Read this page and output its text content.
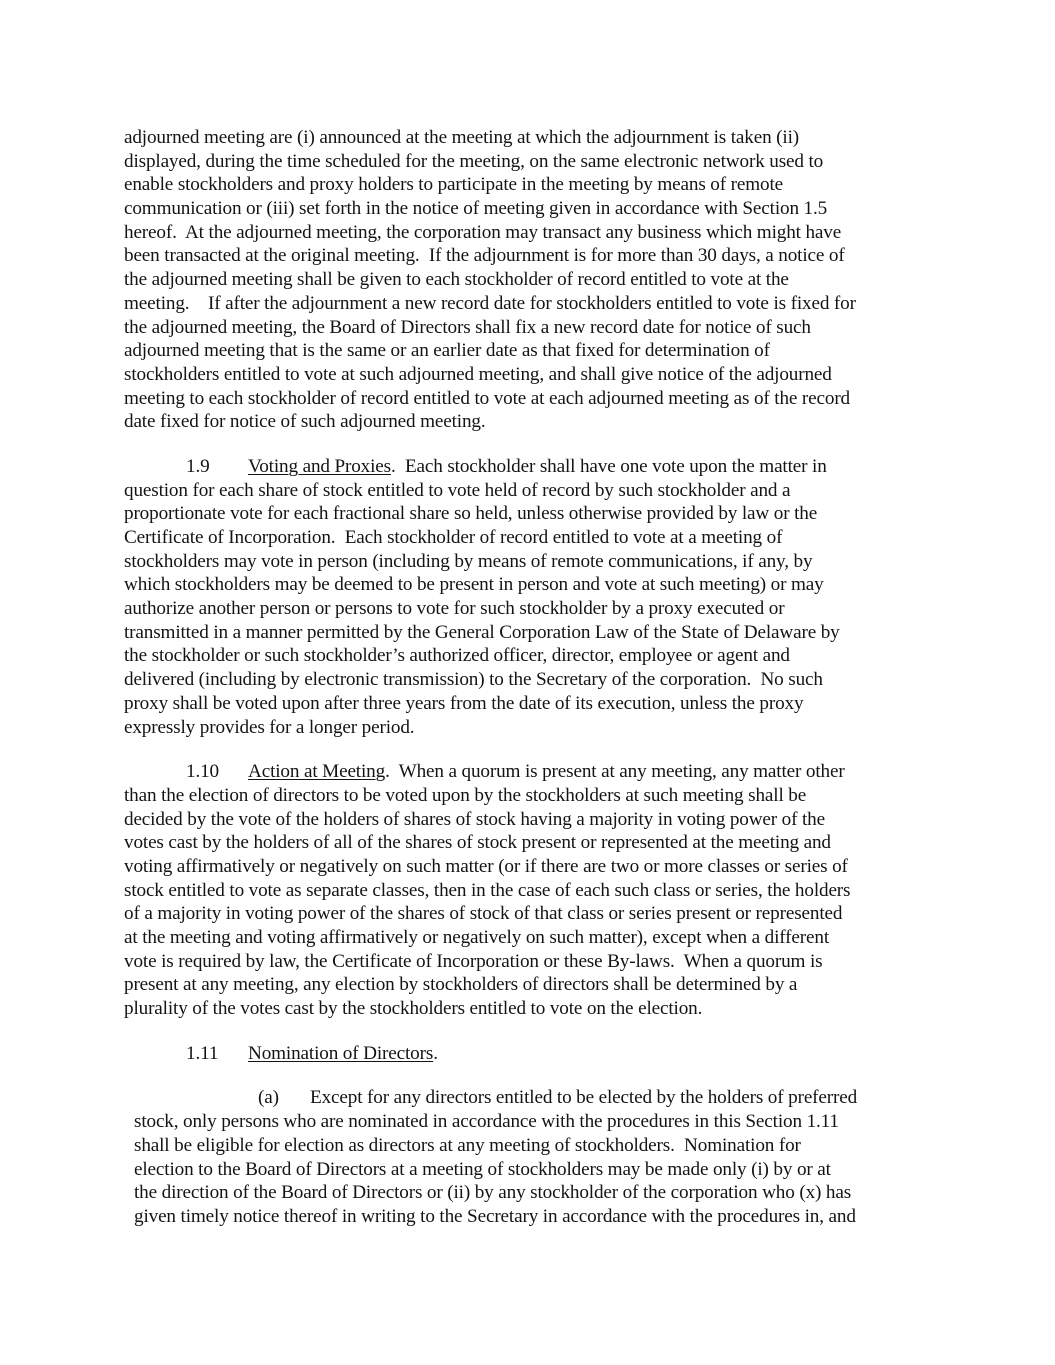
adjourned meeting are (i) announced at the meeting at which the adjournment is taken (ii)
displayed, during the time scheduled for the meeting, on the same electronic network used to
enable stockholders and proxy holders to participate in the meeting by means of remote
communication or (iii) set forth in the notice of meeting given in accordance with Section 1.5
hereof.  At the adjourned meeting, the corporation may transact any business which might have
been transacted at the original meeting.  If the adjournment is for more than 30 days, a notice of
the adjourned meeting shall be given to each stockholder of record entitled to vote at the
meeting.    If after the adjournment a new record date for stockholders entitled to vote is fixed for
the adjourned meeting, the Board of Directors shall fix a new record date for notice of such
adjourned meeting that is the same or an earlier date as that fixed for determination of
stockholders entitled to vote at such adjourned meeting, and shall give notice of the adjourned
meeting to each stockholder of record entitled to vote at each adjourned meeting as of the record
date fixed for notice of such adjourned meeting.
1.9 Voting and Proxies.  Each stockholder shall have one vote upon the matter in
question for each share of stock entitled to vote held of record by such stockholder and a
proportionate vote for each fractional share so held, unless otherwise provided by law or the
Certificate of Incorporation.  Each stockholder of record entitled to vote at a meeting of
stockholders may vote in person (including by means of remote communications, if any, by
which stockholders may be deemed to be present in person and vote at such meeting) or may
authorize another person or persons to vote for such stockholder by a proxy executed or
transmitted in a manner permitted by the General Corporation Law of the State of Delaware by
the stockholder or such stockholder’s authorized officer, director, employee or agent and
delivered (including by electronic transmission) to the Secretary of the corporation.  No such
proxy shall be voted upon after three years from the date of its execution, unless the proxy
expressly provides for a longer period.
1.10 Action at Meeting.  When a quorum is present at any meeting, any matter other
than the election of directors to be voted upon by the stockholders at such meeting shall be
decided by the vote of the holders of shares of stock having a majority in voting power of the
votes cast by the holders of all of the shares of stock present or represented at the meeting and
voting affirmatively or negatively on such matter (or if there are two or more classes or series of
stock entitled to vote as separate classes, then in the case of each such class or series, the holders
of a majority in voting power of the shares of stock of that class or series present or represented
at the meeting and voting affirmatively or negatively on such matter), except when a different
vote is required by law, the Certificate of Incorporation or these By-laws.  When a quorum is
present at any meeting, any election by stockholders of directors shall be determined by a
plurality of the votes cast by the stockholders entitled to vote on the election.
1.11 Nomination of Directors.
(a) Except for any directors entitled to be elected by the holders of preferred
stock, only persons who are nominated in accordance with the procedures in this Section 1.11
shall be eligible for election as directors at any meeting of stockholders.  Nomination for
election to the Board of Directors at a meeting of stockholders may be made only (i) by or at
the direction of the Board of Directors or (ii) by any stockholder of the corporation who (x) has
given timely notice thereof in writing to the Secretary in accordance with the procedures in, and
